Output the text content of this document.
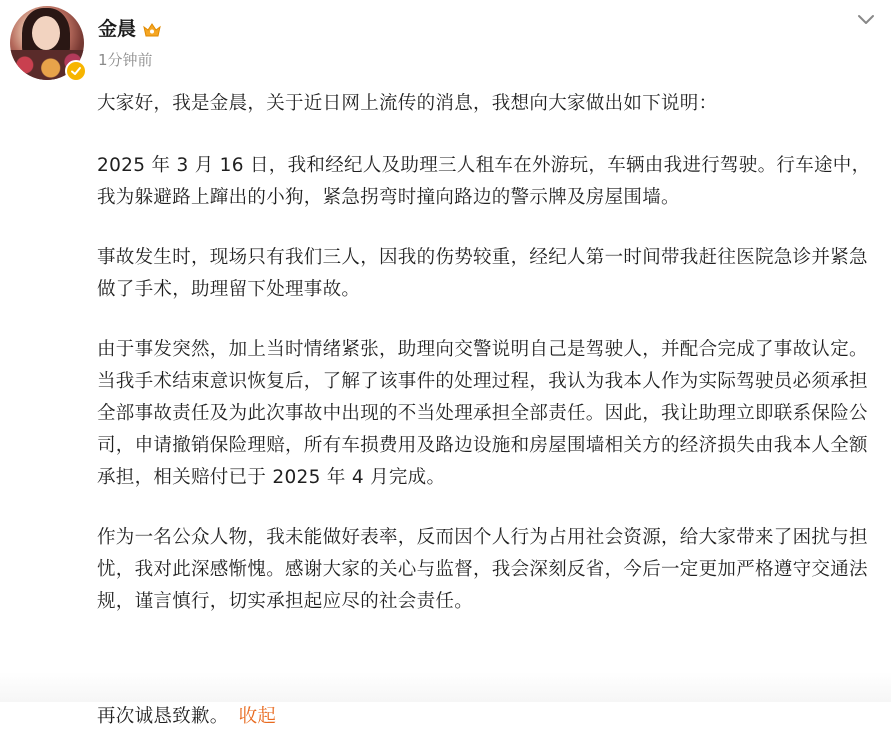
金晨
1分钟前

大家好，我是金晨，关于近日网上流传的消息，我想向大家做出如下说明：

2025 年 3 月 16 日，我和经纪人及助理三人租车在外游玩，车辆由我进行驾驶。行车途中，我为躲避路上蹿出的小狗，紧急拐弯时撞向路边的警示牌及房屋围墙。

事故发生时，现场只有我们三人，因我的伤势较重，经纪人第一时间带我赶往医院急诊并紧急做了手术，助理留下处理事故。

由于事发突然，加上当时情绪紧张，助理向交警说明自己是驾驶人，并配合完成了事故认定。当我手术结束意识恢复后，了解了该事件的处理过程，我认为我本人作为实际驾驶员必须承担全部事故责任及为此次事故中出现的不当处理承担全部责任。因此，我让助理立即联系保险公司，申请撤销保险理赔，所有车损费用及路边设施和房屋围墙相关方的经济损失由我本人全额承担，相关赔付已于 2025 年 4 月完成。

作为一名公众人物，我未能做好表率，反而因个人行为占用社会资源，给大家带来了困扰与担忧，我对此深感惭愧。感谢大家的关心与监督，我会深刻反省，今后一定更加严格遵守交通法规，谨言慎行，切实承担起应尽的社会责任。

再次诚恳致歉。 收起
